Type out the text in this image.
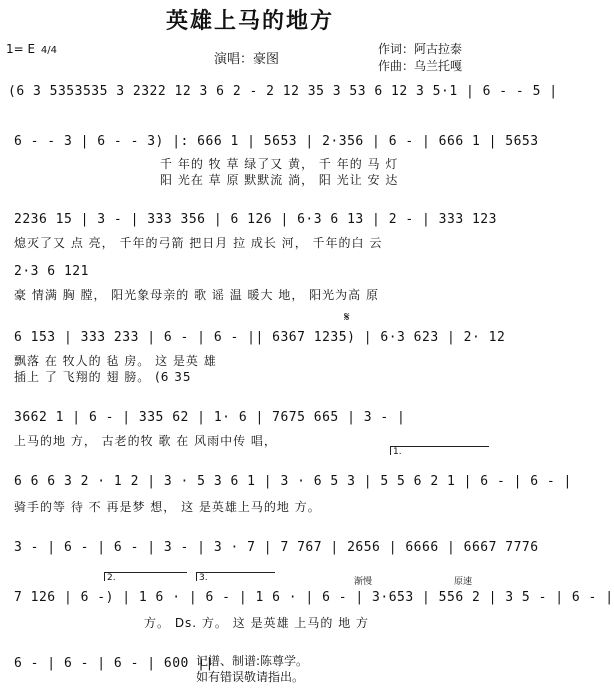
英雄上马的地方
1= E 4/4
演唱：豪图
作词：阿古拉泰
作曲：乌兰托嘎
(6 3 5353535 3 2322 12 3 6 2 - 2 12 35 3 53 6 12 3 5·1 | 6 - - 5 |
6 - - 3 | 6 - - 3) |: 666 1 | 5653 | 2·356 | 6 - | 666 1 | 5653
千 年的 牧 草 绿了又 黄， 千 年的 马 灯
阳 光在 草 原 默默流 淌， 阳 光让 安 达
2236 15 | 3 - | 333 356 | 6 126 | 6·3 6 13 | 2 - | 333 123
熄灭了又 点 亮， 千年的弓箭 把日月 拉 成长 河， 千年的白 云
2·3 6 121
豪 情满 胸 膛， 阳光象母亲的 歌 谣 温 暖大 地， 阳光为高 原
𝄋
6 153 | 333 233 | 6 - | 6 - || 6367 1235) | 6·3 623 | 2· 12
飘落 在 牧人的 毡 房。 这 是英 雄
插上 了 飞翔的 翅 膀。 (6 35
3662 1 | 6 - | 335 62 | 1· 6 | 7675 665 | 3 - |
上马的地 方， 古老的牧 歌 在 风雨中传 唱，
1.
6 6 6 3 2 · 1 2 | 3 · 5 3 6 1 | 3 · 6 5 3 | 5 5 6 2 1 | 6 - | 6 - |
骑手的等 待 不 再是梦 想， 这 是英雄上马的地 方。
3 - | 6 - | 6 - | 3 - | 3 · 7 | 7 767 | 2656 | 6666 | 6667 7776
2.	3.	渐慢	原速
7 126 | 6 -) | 1 6 · | 6 - | 1 6 · | 6 - | 3·653 | 556 2 | 3 5 - | 6 - |
方。 Ds. 方。 这 是英雄 上马的 地 方
6 - | 6 - | 6 - | 600 ||
记谱、制谱:陈尊学。
如有错误敬请指出。
